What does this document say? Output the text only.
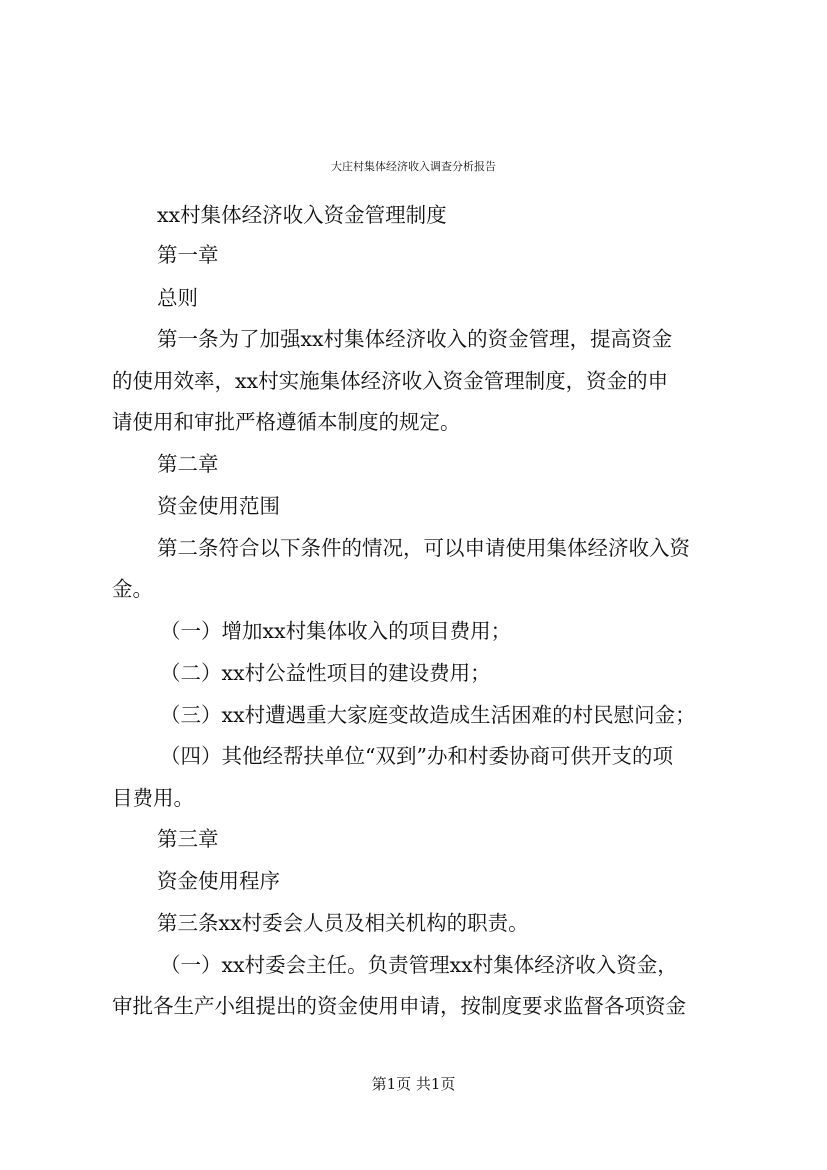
大庄村集体经济收入调查分析报告
xx村集体经济收入资金管理制度
第一章
总则
第一条为了加强xx村集体经济收入的资金管理，提高资金
的使用效率，xx村实施集体经济收入资金管理制度，资金的申
请使用和审批严格遵循本制度的规定。
第二章
资金使用范围
第二条符合以下条件的情况，可以申请使用集体经济收入资
金。
（一）增加xx村集体收入的项目费用；
（二）xx村公益性项目的建设费用；
（三）xx村遭遇重大家庭变故造成生活困难的村民慰问金；
（四）其他经帮扶单位“双到”办和村委协商可供开支的项
目费用。
第三章
资金使用程序
第三条xx村委会人员及相关机构的职责。
（一）xx村委会主任。负责管理xx村集体经济收入资金，
审批各生产小组提出的资金使用申请，按制度要求监督各项资金
第1页 共1页
